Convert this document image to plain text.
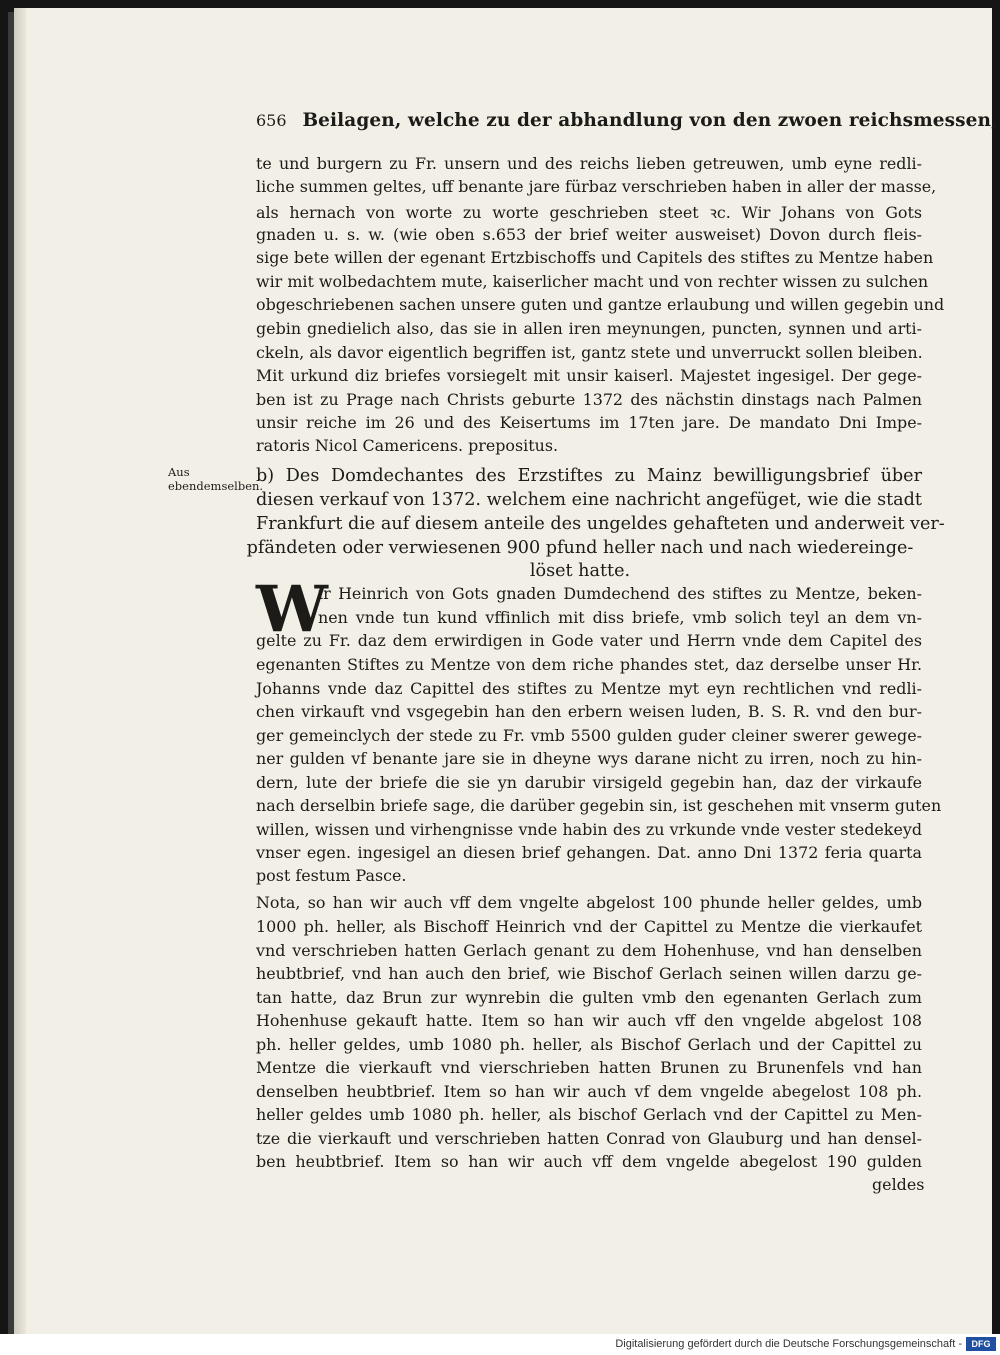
656 Beilagen, welche zu der abhandlung von den zwoen reichsmessen,
te und burgern zu Fr. unsern und des reichs lieben getreuwen, umb eyne redli-
liche summen geltes, uff benante jare fürbaz verschrieben haben in aller der masse,
als hernach von worte zu worte geschrieben steet ꝛc. Wir Johans von Gots
gnaden u. s. w. (wie oben s.653 der brief weiter ausweiset) Dovon durch fleis-
sige bete willen der egenant Ertzbischoffs und Capitels des stiftes zu Mentze haben
wir mit wolbedachtem mute, kaiserlicher macht und von rechter wissen zu sulchen
obgeschriebenen sachen unsere guten und gantze erlaubung und willen gegebin und
gebin gnedielich also, das sie in allen iren meynungen, puncten, synnen und arti-
ckeln, als davor eigentlich begriffen ist, gantz stete und unverruckt sollen bleiben.
Mit urkund diz briefes vorsiegelt mit unsir kaiserl. Majestet ingesigel. Der gege-
ben ist zu Prage nach Christs geburte 1372 des nächstin dinstags nach Palmen
unsir reiche im 26 und des Keisertums im 17ten jare. De mandato Dni Impe-
ratoris Nicol Camericens. prepositus.
Aus ebendemselben.
b) Des Domdechantes des Erzstiftes zu Mainz bewilligungsbrief über
diesen verkauf von 1372. welchem eine nachricht angefüget, wie die stadt
Frankfurt die auf diesem anteile des ungeldes gehafteten und anderweit ver-
pfändeten oder verwiesenen 900 pfund heller nach und nach wiedereinge-
löset hatte.
W
ir Heinrich von Gots gnaden Dumdechend des stiftes zu Mentze, beken-
nen vnde tun kund vffinlich mit diss briefe, vmb solich teyl an dem vn-
gelte zu Fr. daz dem erwirdigen in Gode vater und Herrn vnde dem Capitel des
egenanten Stiftes zu Mentze von dem riche phandes stet, daz derselbe unser Hr.
Johanns vnde daz Capittel des stiftes zu Mentze myt eyn rechtlichen vnd redli-
chen virkauft vnd vsgegebin han den erbern weisen luden, B. S. R. vnd den bur-
ger gemeinclych der stede zu Fr. vmb 5500 gulden guder cleiner swerer gewege-
ner gulden vf benante jare sie in dheyne wys darane nicht zu irren, noch zu hin-
dern, lute der briefe die sie yn darubir virsigeld gegebin han, daz der virkaufe
nach derselbin briefe sage, die darüber gegebin sin, ist geschehen mit vnserm guten
willen, wissen und virhengnisse vnde habin des zu vrkunde vnde vester stedekeyd
vnser egen. ingesigel an diesen brief gehangen. Dat. anno Dni 1372 feria quarta
post festum Pasce.
Nota, so han wir auch vff dem vngelte abgelost 100 phunde heller geldes, umb
1000 ph. heller, als Bischoff Heinrich vnd der Capittel zu Mentze die vierkaufet
vnd verschrieben hatten Gerlach genant zu dem Hohenhuse, vnd han denselben
heubtbrief, vnd han auch den brief, wie Bischof Gerlach seinen willen darzu ge-
tan hatte, daz Brun zur wynrebin die gulten vmb den egenanten Gerlach zum
Hohenhuse gekauft hatte. Item so han wir auch vff den vngelde abgelost 108
ph. heller geldes, umb 1080 ph. heller, als Bischof Gerlach und der Capittel zu
Mentze die vierkauft vnd vierschrieben hatten Brunen zu Brunenfels vnd han
denselben heubtbrief. Item so han wir auch vf dem vngelde abegelost 108 ph.
heller geldes umb 1080 ph. heller, als bischof Gerlach vnd der Capittel zu Men-
tze die vierkauft und verschrieben hatten Conrad von Glauburg und han densel-
ben heubtbrief. Item so han wir auch vff dem vngelde abegelost 190 gulden
geldes
Digitalisierung gefördert durch die Deutsche Forschungsgemeinschaft -	DFG
